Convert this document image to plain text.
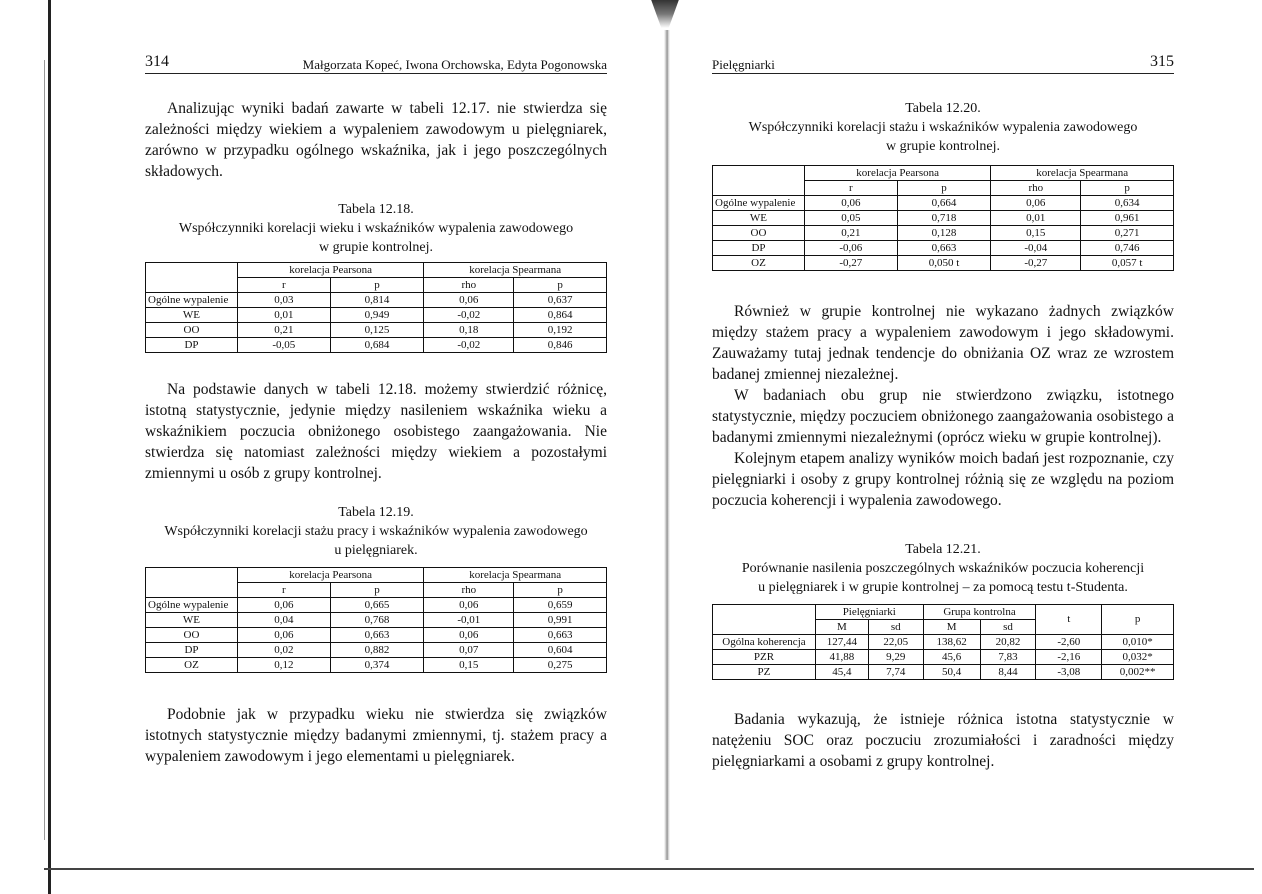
314	Małgorzata Kopeć, Iwona Orchowska, Edyta Pogonowska

Analizując wyniki badań zawarte w tabeli 12.17. nie stwierdza się zależności między wiekiem a wypaleniem zawodowym u pielęgniarek, zarówno w przypadku ogólnego wskaźnika, jak i jego poszczególnych składowych.

Tabela 12.18.
Współczynniki korelacji wieku i wskaźników wypalenia zawodowego
w grupie kontrolnej.
	korelacja Pearsona		korelacja Spearmana	
	r	p	rho	p
Ogólne wypalenie	0,03	0,814	0,06	0,637
WE	0,01	0,949	-0,02	0,864
OO	0,21	0,125	0,18	0,192
DP	-0,05	0,684	-0,02	0,846

Na podstawie danych w tabeli 12.18. możemy stwierdzić różnicę, istotną statystycznie, jedynie między nasileniem wskaźnika wieku a wskaźnikiem poczucia obniżonego osobistego zaangażowania. Nie stwierdza się natomiast zależności między wiekiem a pozostałymi zmiennymi u osób z grupy kontrolnej.

Tabela 12.19.
Współczynniki korelacji stażu pracy i wskaźników wypalenia zawodowego
u pielęgniarek.
	korelacja Pearsona		korelacja Spearmana	
	r	p	rho	p
Ogólne wypalenie	0,06	0,665	0,06	0,659
WE	0,04	0,768	-0,01	0,991
OO	0,06	0,663	0,06	0,663
DP	0,02	0,882	0,07	0,604
OZ	0,12	0,374	0,15	0,275

Podobnie jak w przypadku wieku nie stwierdza się związków istotnych statystycznie między badanymi zmiennymi, tj. stażem pracy a wypaleniem zawodowym i jego elementami u pielęgniarek.

Pielęgniarki	315
Tabela 12.20.
Współczynniki korelacji stażu i wskaźników wypalenia zawodowego
w grupie kontrolnej.
	korelacja Pearsona		korelacja Spearmana	
	r	p	rho	p
Ogólne wypalenie	0,06	0,664	0,06	0,634
WE	0,05	0,718	0,01	0,961
OO	0,21	0,128	0,15	0,271
DP	-0,06	0,663	-0,04	0,746
OZ	-0,27	0,050 t	-0,27	0,057 t

Również w grupie kontrolnej nie wykazano żadnych związków między stażem pracy a wypaleniem zawodowym i jego składowymi. Zauważamy tutaj jednak tendencje do obniżania OZ wraz ze wzrostem badanej zmiennej niezależnej.

W badaniach obu grup nie stwierdzono związku, istotnego statystycznie, między poczuciem obniżonego zaangażowania osobistego a badanymi zmiennymi niezależnymi (oprócz wieku w grupie kontrolnej).

Kolejnym etapem analizy wyników moich badań jest rozpoznanie, czy pielęgniarki i osoby z grupy kontrolnej różnią się ze względu na poziom poczucia koherencji i wypalenia zawodowego.

Tabela 12.21.
Porównanie nasilenia poszczególnych wskaźników poczucia koherencji
u pielęgniarek i w grupie kontrolnej – za pomocą testu t-Studenta.
	Pielęgniarki		Grupa kontrolna		t	p
	M	sd	M	sd		
Ogólna koherencja	127,44	22,05	138,62	20,82	-2,60	0,010*
PZR	41,88	9,29	45,6	7,83	-2,16	0,032*
PZ	45,4	7,74	50,4	8,44	-3,08	0,002**

Badania wykazują, że istnieje różnica istotna statystycznie w natężeniu SOC oraz poczuciu zrozumiałości i zaradności między pielęgniarkami a osobami z grupy kontrolnej.
